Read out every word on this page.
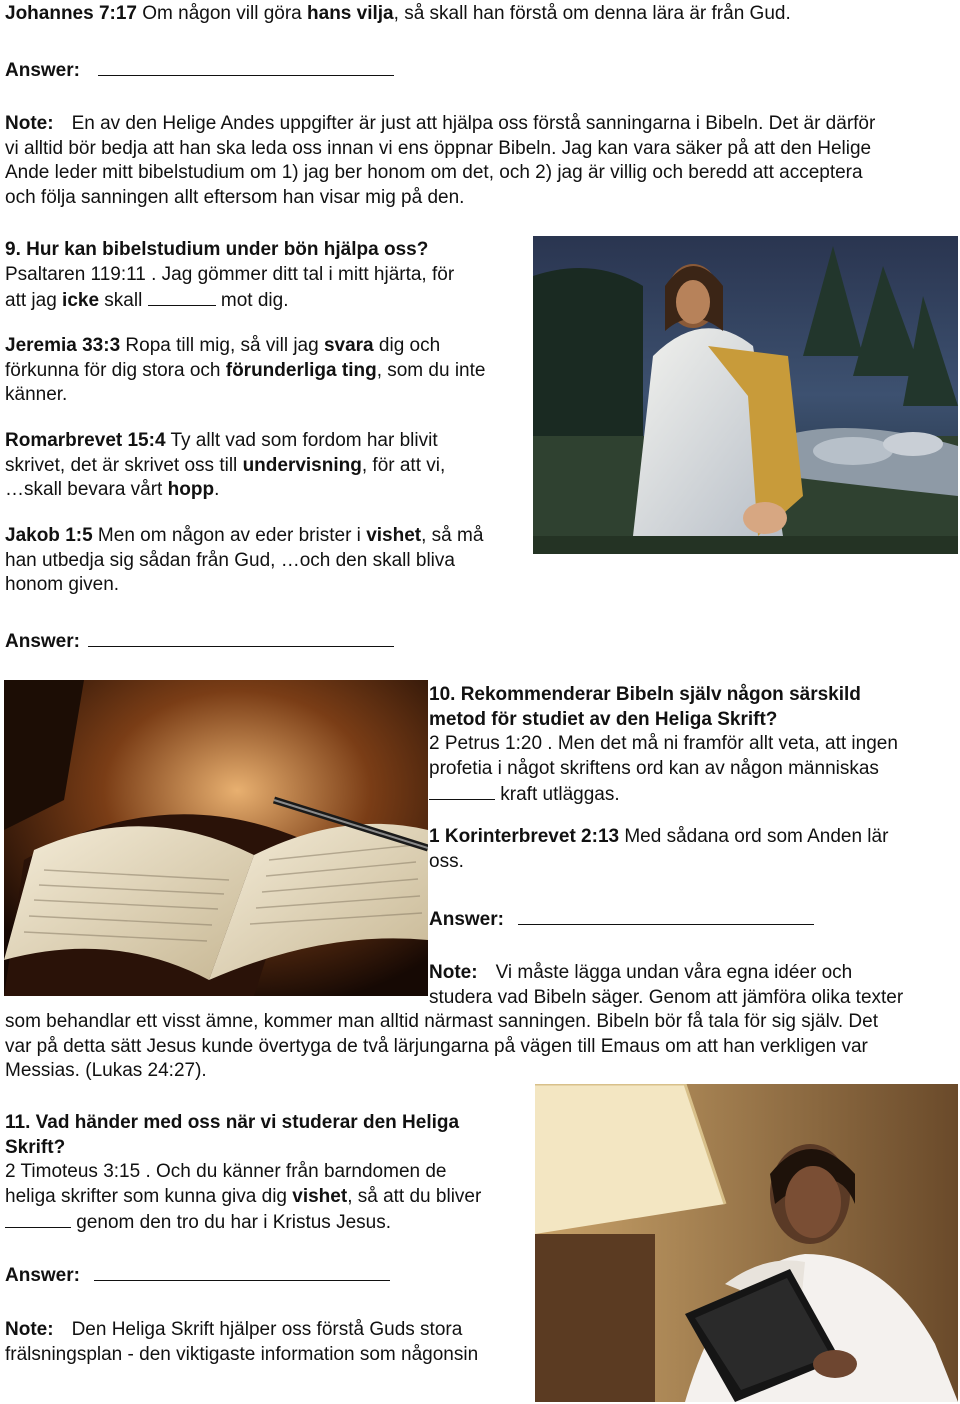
Johannes 7:17 Om någon vill göra hans vilja, så skall han förstå om denna lära är från Gud.

Answer:

Note: En av den Helige Andes uppgifter är just att hjälpa oss förstå sanningarna i Bibeln. Det är därför
vi alltid bör bedja att han ska leda oss innan vi ens öppnar Bibeln. Jag kan vara säker på att den Helige
Ande leder mitt bibelstudium om 1) jag ber honom om det, och 2) jag är villig och beredd att acceptera
och följa sanningen allt eftersom han visar mig på den.
9. Hur kan bibelstudium under bön hjälpa oss?
Psaltaren 119:11 . Jag gömmer ditt tal i mitt hjärta, för
att jag icke skall	mot dig.
Jeremia 33:3 Ropa till mig, så vill jag svara dig och
förkunna för dig stora och förunderliga ting, som du inte
känner.
Romarbrevet 15:4 Ty allt vad som fordom har blivit
skrivet, det är skrivet oss till undervisning, för att vi,
…skall bevara vårt hopp.
Jakob 1:5 Men om någon av eder brister i vishet, så må
han utbedja sig sådan från Gud, …och den skall bliva
honom given.

Answer:

10. Rekommenderar Bibeln själv någon särskild
metod för studiet av den Heliga Skrift?
2 Petrus 1:20 . Men det må ni framför allt veta, att ingen
profetia i något skriftens ord kan av någon människas
kraft utläggas.
1 Korinterbrevet 2:13 Med sådana ord som Anden lär
oss.

Answer:

Note: Vi måste lägga undan våra egna idéer och
studera vad Bibeln säger. Genom att jämföra olika texter
som behandlar ett visst ämne, kommer man alltid närmast sanningen. Bibeln bör få tala för sig själv. Det
var på detta sätt Jesus kunde övertyga de två lärjungarna på vägen till Emaus om att han verkligen var
Messias. (Lukas 24:27).
11. Vad händer med oss när vi studerar den Heliga
Skrift?
2 Timoteus 3:15 . Och du känner från barndomen de
heliga skrifter som kunna giva dig vishet, så att du bliver
genom den tro du har i Kristus Jesus.

Answer:

Note: Den Heliga Skrift hjälper oss förstå Guds stora
frälsningsplan - den viktigaste information som någonsin
